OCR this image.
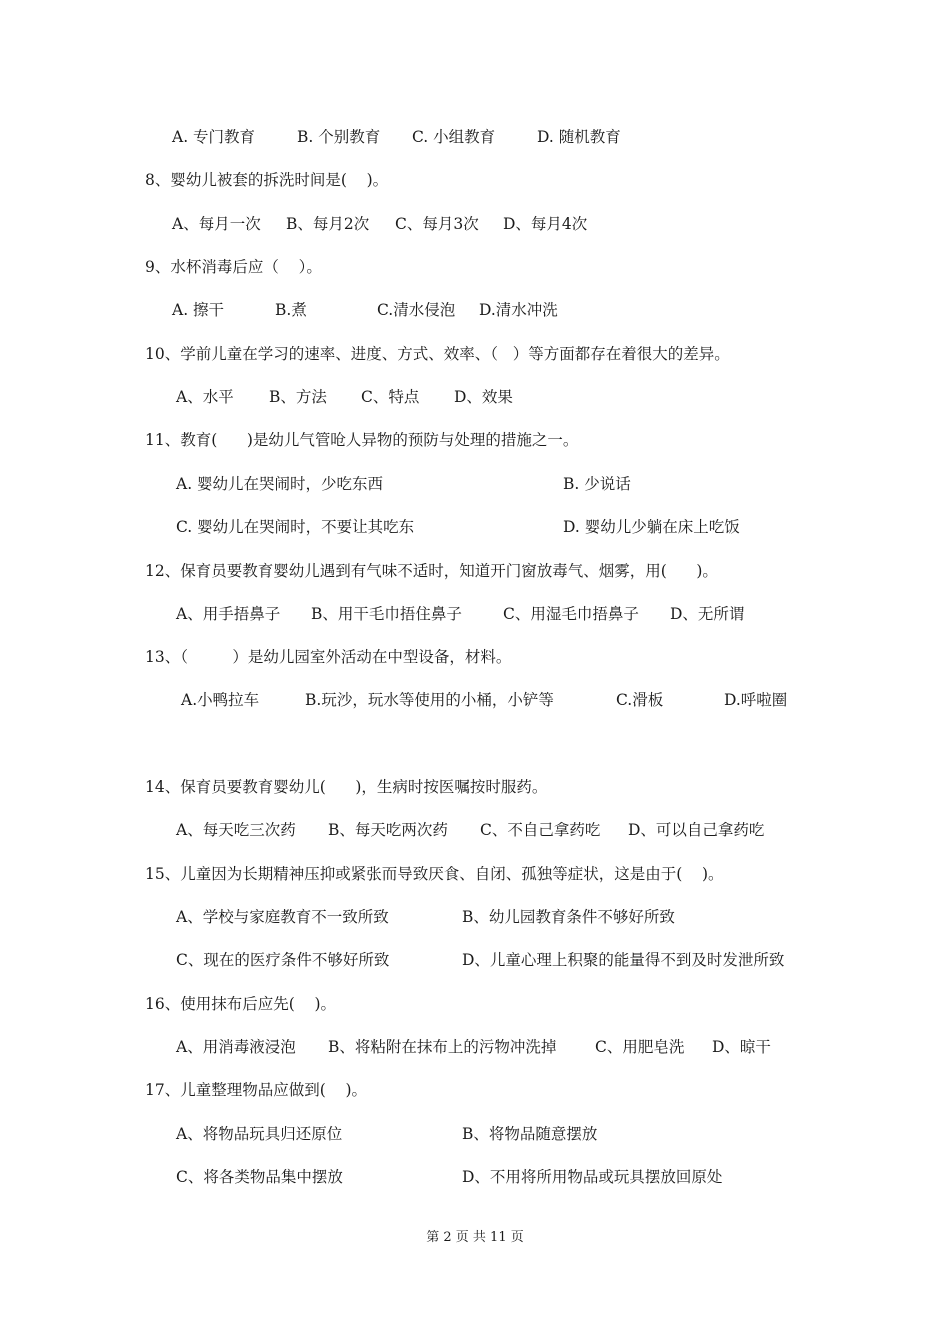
A. 专门教育	B. 个别教育 C. 小组教育	D. 随机教育
8、婴幼儿被套的拆洗时间是(    )。
A、每月一次 B、每月2次 C、每月3次 D、每月4次
9、水杯消毒后应（    ）。
A. 擦干	B.煮	C.清水侵泡 D.清水冲洗
10、学前儿童在学习的速率、进度、方式、效率、（   ）等方面都存在着很大的差异。
A、水平 B、方法 C、特点 D、效果
11、教育(      )是幼儿气管呛人异物的预防与处理的措施之一。
A. 婴幼儿在哭闹时，少吃东西	B. 少说话
C. 婴幼儿在哭闹时，不要让其吃东	D. 婴幼儿少躺在床上吃饭
12、保育员要教育婴幼儿遇到有气味不适时，知道开门窗放毒气、烟雾，用(      )。
A、用手捂鼻子 B、用干毛巾捂住鼻子	C、用湿毛巾捂鼻子 D、无所谓
13、（         ）是幼儿园室外活动在中型设备，材料。
A.小鸭拉车	B.玩沙，玩水等使用的小桶，小铲等	C.滑板	D.呼啦圈
14、保育员要教育婴幼儿(      )，生病时按医嘱按时服药。
A、每天吃三次药 B、每天吃两次药 C、不自己拿药吃 D、可以自己拿药吃
15、儿童因为长期精神压抑或紧张而导致厌食、自闭、孤独等症状，这是由于(    )。
A、学校与家庭教育不一致所致	B、幼儿园教育条件不够好所致
C、现在的医疗条件不够好所致	D、儿童心理上积聚的能量得不到及时发泄所致
16、使用抹布后应先(    )。
A、用消毒液浸泡 B、将粘附在抹布上的污物冲洗掉 C、用肥皂洗 D、晾干
17、儿童整理物品应做到(    )。
A、将物品玩具归还原位	B、将物品随意摆放
C、将各类物品集中摆放	D、不用将所用物品或玩具摆放回原处
第 2 页 共 11 页
